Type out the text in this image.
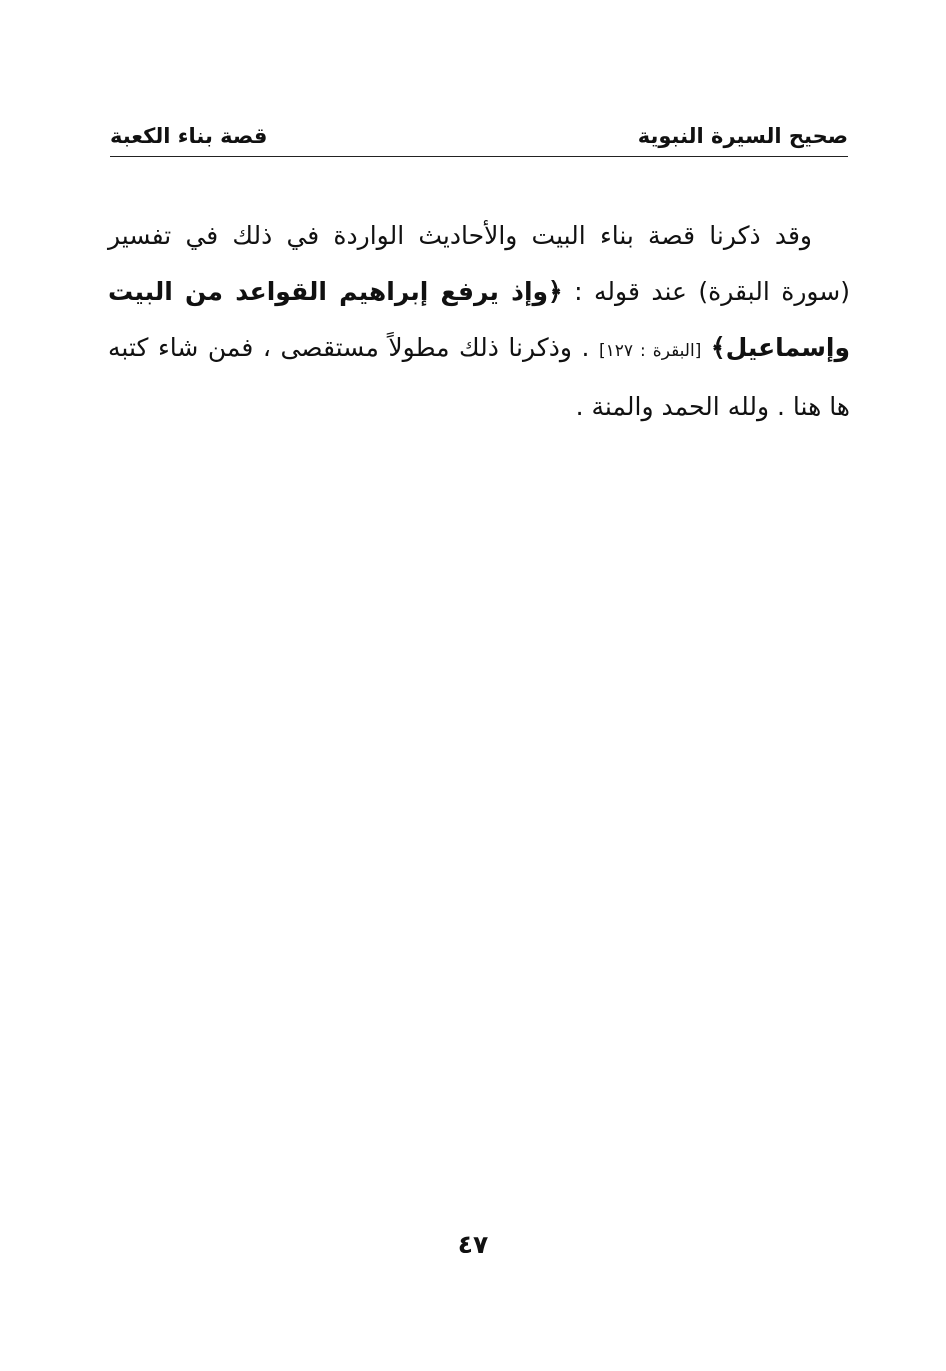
صحيح السيرة النبوية
قصة بناء الكعبة

وقد ذكرنا قصة بناء البيت والأحاديث الواردة في ذلك في تفسير (سورة البقرة) عند قوله : ﴿وإذ يرفع إبراهيم القواعد من البيت وإسماعيل﴾ [البقرة : ١٢٧] . وذكرنا ذلك مطولاً مستقصى ، فمن شاء كتبه ها هنا . ولله الحمد والمنة .

٤٧
